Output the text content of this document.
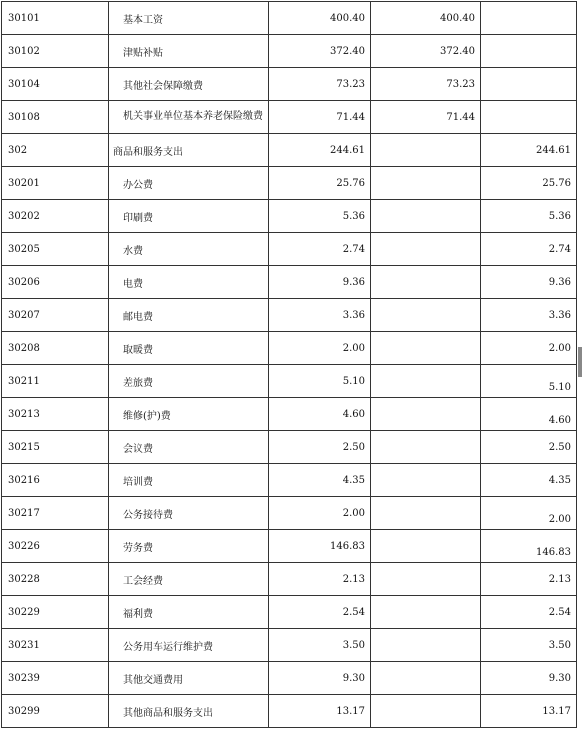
30101	基本工资	400.40	400.40	
30102	津贴补贴	372.40	372.40	
30104	其他社会保障缴费	73.23	73.23	
30108	机关事业单位基本养老保险缴费	71.44	71.44	
302	商品和服务支出	244.61		244.61
30201	办公费	25.76		25.76
30202	印刷费	5.36		5.36
30205	水费	2.74		2.74
30206	电费	9.36		9.36
30207	邮电费	3.36		3.36
30208	取暖费	2.00		2.00
30211	差旅费	5.10		5.10
30213	维修(护)费	4.60		4.60
30215	会议费	2.50		2.50
30216	培训费	4.35		4.35
30217	公务接待费	2.00		2.00
30226	劳务费	146.83		146.83
30228	工会经费	2.13		2.13
30229	福利费	2.54		2.54
30231	公务用车运行维护费	3.50		3.50
30239	其他交通费用	9.30		9.30
30299	其他商品和服务支出	13.17		13.17
